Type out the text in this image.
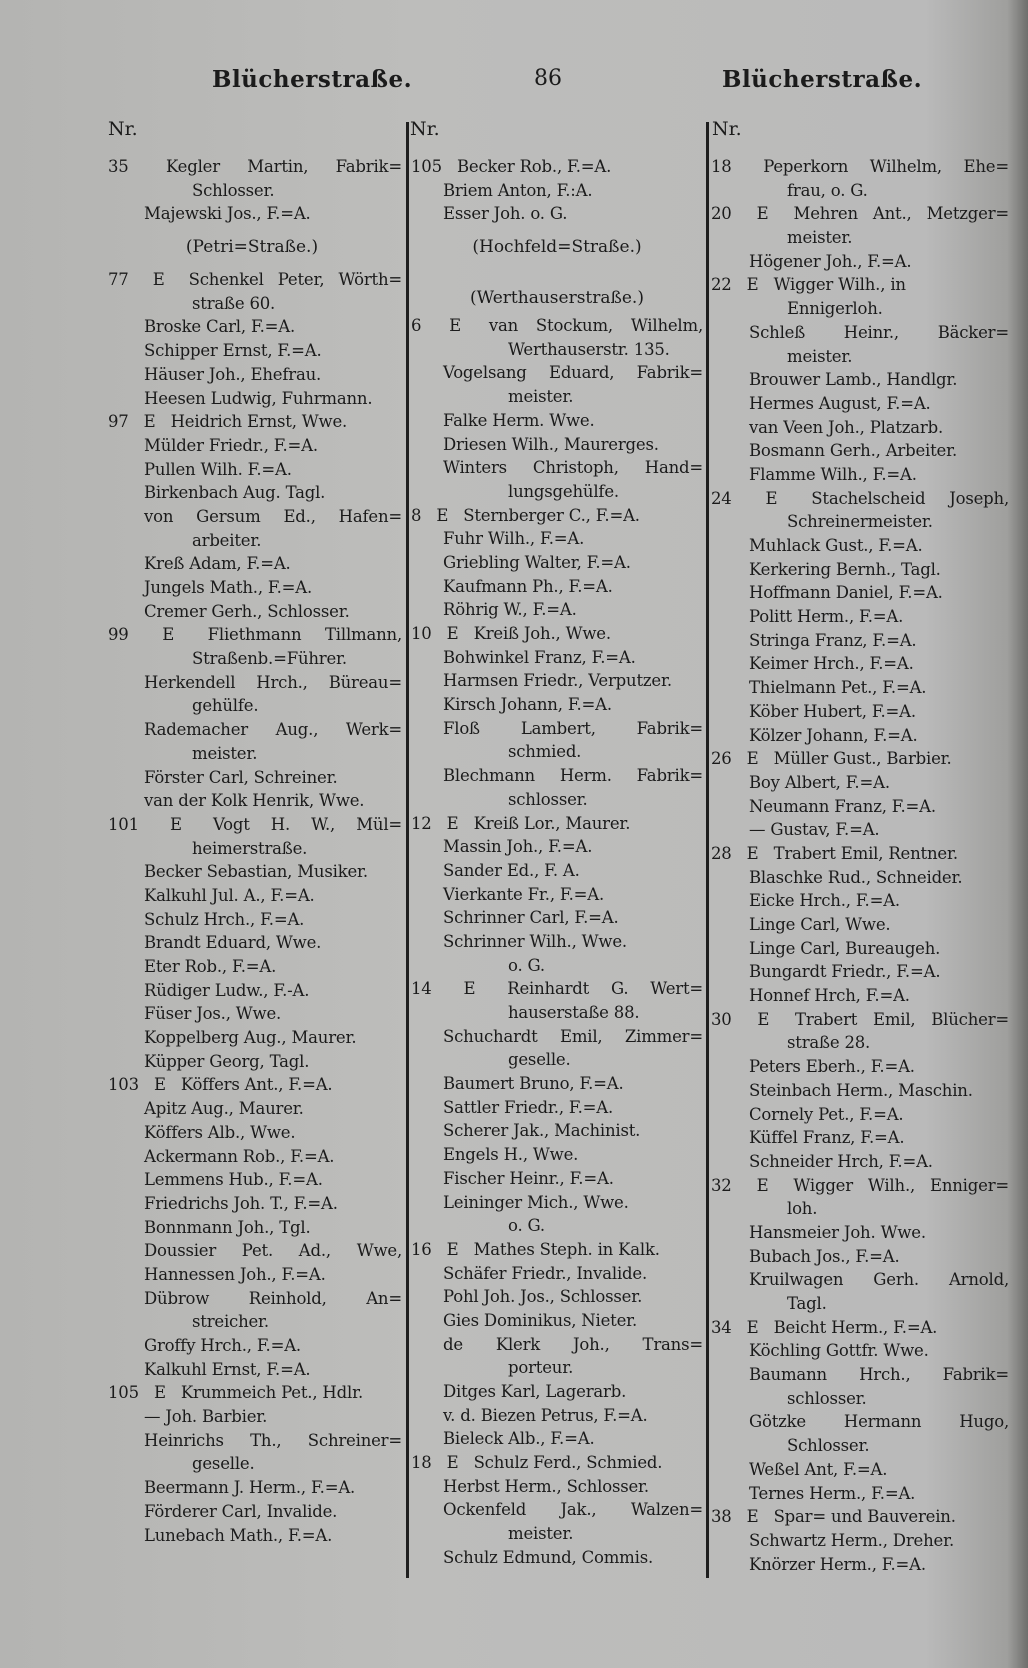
Blücherstraße.	86	Blücherstraße.
Nr.	Nr.	Nr.
35 Kegler Martin, Fabrik=
Schlosser.
Majewski Jos., F.=A.
(Petri=Straße.)
77 E Schenkel Peter, Wörth=
straße 60.
Broske Carl, F.=A.
Schipper Ernst, F.=A.
Häuser Joh., Ehefrau.
Heesen Ludwig, Fuhrmann.
97 E Heidrich Ernst, Wwe.
Mülder Friedr., F.=A.
Pullen Wilh. F.=A.
Birkenbach Aug. Tagl.
von Gersum Ed., Hafen=
arbeiter.
Kreß Adam, F.=A.
Jungels Math., F.=A.
Cremer Gerh., Schlosser.
99 E Fliethmann Tillmann,
Straßenb.=Führer.
Herkendell Hrch., Büreau=
gehülfe.
Rademacher Aug., Werk=
meister.
Förster Carl, Schreiner.
van der Kolk Henrik, Wwe.
101 E Vogt H. W., Mül=
heimerstraße.
Becker Sebastian, Musiker.
Kalkuhl Jul. A., F.=A.
Schulz Hrch., F.=A.
Brandt Eduard, Wwe.
Eter Rob., F.=A.
Rüdiger Ludw., F.-A.
Füser Jos., Wwe.
Koppelberg Aug., Maurer.
Küpper Georg, Tagl.
103 E Köffers Ant., F.=A.
Apitz Aug., Maurer.
Köffers Alb., Wwe.
Ackermann Rob., F.=A.
Lemmens Hub., F.=A.
Friedrichs Joh. T., F.=A.
Bonnmann Joh., Tgl.
Doussier Pet. Ad., Wwe,
Hannessen Joh., F.=A.
Dübrow Reinhold, An=
streicher.
Groffy Hrch., F.=A.
Kalkuhl Ernst, F.=A.
105 E Krummeich Pet., Hdlr.
— Joh. Barbier.
Heinrichs Th., Schreiner=
geselle.
Beermann J. Herm., F.=A.
Förderer Carl, Invalide.
Lunebach Math., F.=A.
105 Becker Rob., F.=A.
Briem Anton, F.:A.
Esser Joh. o. G.
(Hochfeld=Straße.)
(Werthauserstraße.)
6 E van Stockum, Wilhelm,
Werthauserstr. 135.
Vogelsang Eduard, Fabrik=
meister.
Falke Herm. Wwe.
Driesen Wilh., Maurerges.
Winters Christoph, Hand=
lungsgehülfe.
8 E Sternberger C., F.=A.
Fuhr Wilh., F.=A.
Griebling Walter, F.=A.
Kaufmann Ph., F.=A.
Röhrig W., F.=A.
10 E Kreiß Joh., Wwe.
Bohwinkel Franz, F.=A.
Harmsen Friedr., Verputzer.
Kirsch Johann, F.=A.
Floß Lambert, Fabrik=
schmied.
Blechmann Herm. Fabrik=
schlosser.
12 E Kreiß Lor., Maurer.
Massin Joh., F.=A.
Sander Ed., F. A.
Vierkante Fr., F.=A.
Schrinner Carl, F.=A.
Schrinner Wilh., Wwe.
o. G.
14 E Reinhardt G. Wert=
hauserstaße 88.
Schuchardt Emil, Zimmer=
geselle.
Baumert Bruno, F.=A.
Sattler Friedr., F.=A.
Scherer Jak., Machinist.
Engels H., Wwe.
Fischer Heinr., F.=A.
Leininger Mich., Wwe.
o. G.
16 E Mathes Steph. in Kalk.
Schäfer Friedr., Invalide.
Pohl Joh. Jos., Schlosser.
Gies Dominikus, Nieter.
de Klerk Joh., Trans=
porteur.
Ditges Karl, Lagerarb.
v. d. Biezen Petrus, F.=A.
Bieleck Alb., F.=A.
18 E Schulz Ferd., Schmied.
Herbst Herm., Schlosser.
Ockenfeld Jak., Walzen=
meister.
Schulz Edmund, Commis.
18 Peperkorn Wilhelm, Ehe=
frau, o. G.
20 E Mehren Ant., Metzger=
meister.
Högener Joh., F.=A.
22 E Wigger Wilh., in
Ennigerloh.
Schleß Heinr., Bäcker=
meister.
Brouwer Lamb., Handlgr.
Hermes August, F.=A.
van Veen Joh., Platzarb.
Bosmann Gerh., Arbeiter.
Flamme Wilh., F.=A.
24 E Stachelscheid Joseph,
Schreinermeister.
Muhlack Gust., F.=A.
Kerkering Bernh., Tagl.
Hoffmann Daniel, F.=A.
Politt Herm., F.=A.
Stringa Franz, F.=A.
Keimer Hrch., F.=A.
Thielmann Pet., F.=A.
Köber Hubert, F.=A.
Kölzer Johann, F.=A.
26 E Müller Gust., Barbier.
Boy Albert, F.=A.
Neumann Franz, F.=A.
— Gustav, F.=A.
28 E Trabert Emil, Rentner.
Blaschke Rud., Schneider.
Eicke Hrch., F.=A.
Linge Carl, Wwe.
Linge Carl, Bureaugeh.
Bungardt Friedr., F.=A.
Honnef Hrch, F.=A.
30 E Trabert Emil, Blücher=
straße 28.
Peters Eberh., F.=A.
Steinbach Herm., Maschin.
Cornely Pet., F.=A.
Küffel Franz, F.=A.
Schneider Hrch, F.=A.
32 E Wigger Wilh., Enniger=
loh.
Hansmeier Joh. Wwe.
Bubach Jos., F.=A.
Kruilwagen Gerh. Arnold,
Tagl.
34 E Beicht Herm., F.=A.
Köchling Gottfr. Wwe.
Baumann Hrch., Fabrik=
schlosser.
Götzke Hermann Hugo,
Schlosser.
Weßel Ant, F.=A.
Ternes Herm., F.=A.
38 E Spar= und Bauverein.
Schwartz Herm., Dreher.
Knörzer Herm., F.=A.
